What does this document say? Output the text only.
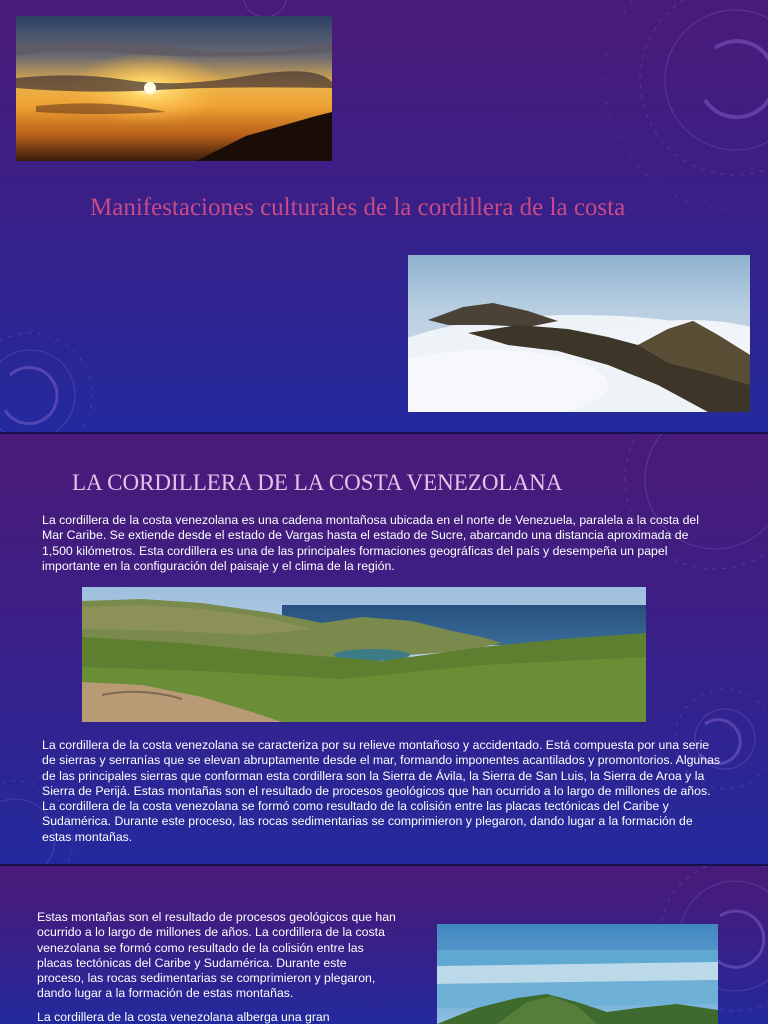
Manifestaciones culturales de la cordillera de la costa
LA CORDILLERA DE LA COSTA VENEZOLANA

La cordillera de la costa venezolana es una cadena montañosa ubicada en el norte de Venezuela, paralela a la costa del Mar Caribe. Se extiende desde el estado de Vargas hasta el estado de Sucre, abarcando una distancia aproximada de 1,500 kilómetros. Esta cordillera es una de las principales formaciones geográficas del país y desempeña un papel importante en la configuración del paisaje y el clima de la región.

La cordillera de la costa venezolana se caracteriza por su relieve montañoso y accidentado. Está compuesta por una serie de sierras y serranías que se elevan abruptamente desde el mar, formando imponentes acantilados y promontorios. Algunas de las principales sierras que conforman esta cordillera son la Sierra de Ávila, la Sierra de San Luis, la Sierra de Aroa y la Sierra de Perijá. Estas montañas son el resultado de procesos geológicos que han ocurrido a lo largo de millones de años. La cordillera de la costa venezolana se formó como resultado de la colisión entre las placas tectónicas del Caribe y Sudamérica. Durante este proceso, las rocas sedimentarias se comprimieron y plegaron, dando lugar a la formación de estas montañas.

Estas montañas son el resultado de procesos geológicos que han ocurrido a lo largo de millones de años. La cordillera de la costa venezolana se formó como resultado de la colisión entre las placas tectónicas del Caribe y Sudamérica. Durante este proceso, las rocas sedimentarias se comprimieron y plegaron, dando lugar a la formación de estas montañas.

La cordillera de la costa venezolana alberga una gran
